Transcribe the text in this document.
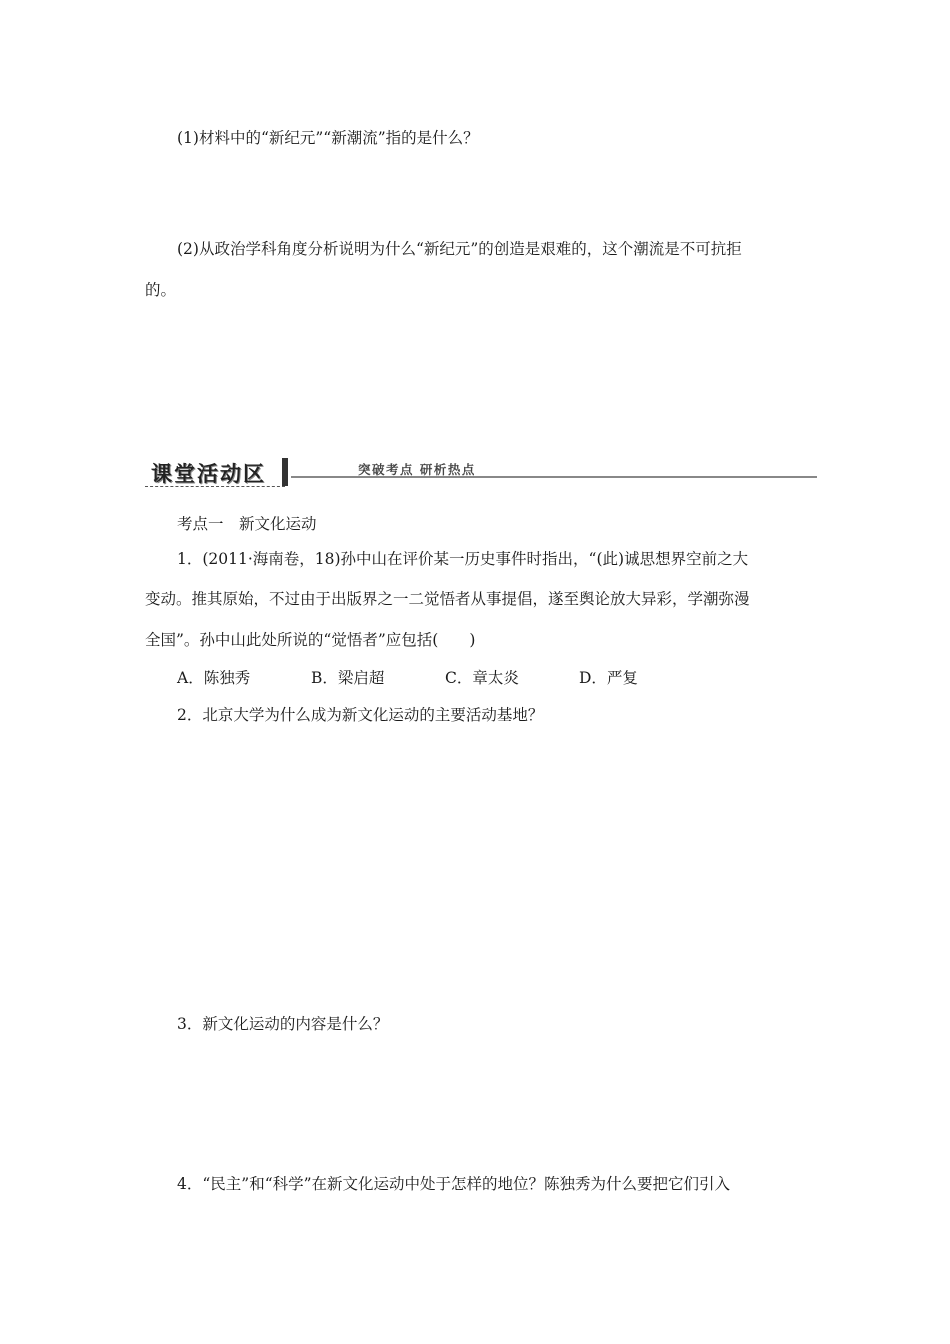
(1)材料中的“新纪元”“新潮流”指的是什么？
(2)从政治学科角度分析说明为什么“新纪元”的创造是艰难的，这个潮流是不可抗拒
的。
课堂活动区	突破考点 研析热点
考点一　新文化运动
1．(2011·海南卷，18)孙中山在评价某一历史事件时指出，“(此)诚思想界空前之大
变动。推其原始，不过由于出版界之一二觉悟者从事提倡，遂至舆论放大异彩，学潮弥漫
全国”。孙中山此处所说的“觉悟者”应包括(　　)
A．陈独秀	B．梁启超	C．章太炎	D．严复
2．北京大学为什么成为新文化运动的主要活动基地？
3．新文化运动的内容是什么？
4．“民主”和“科学”在新文化运动中处于怎样的地位？陈独秀为什么要把它们引入
